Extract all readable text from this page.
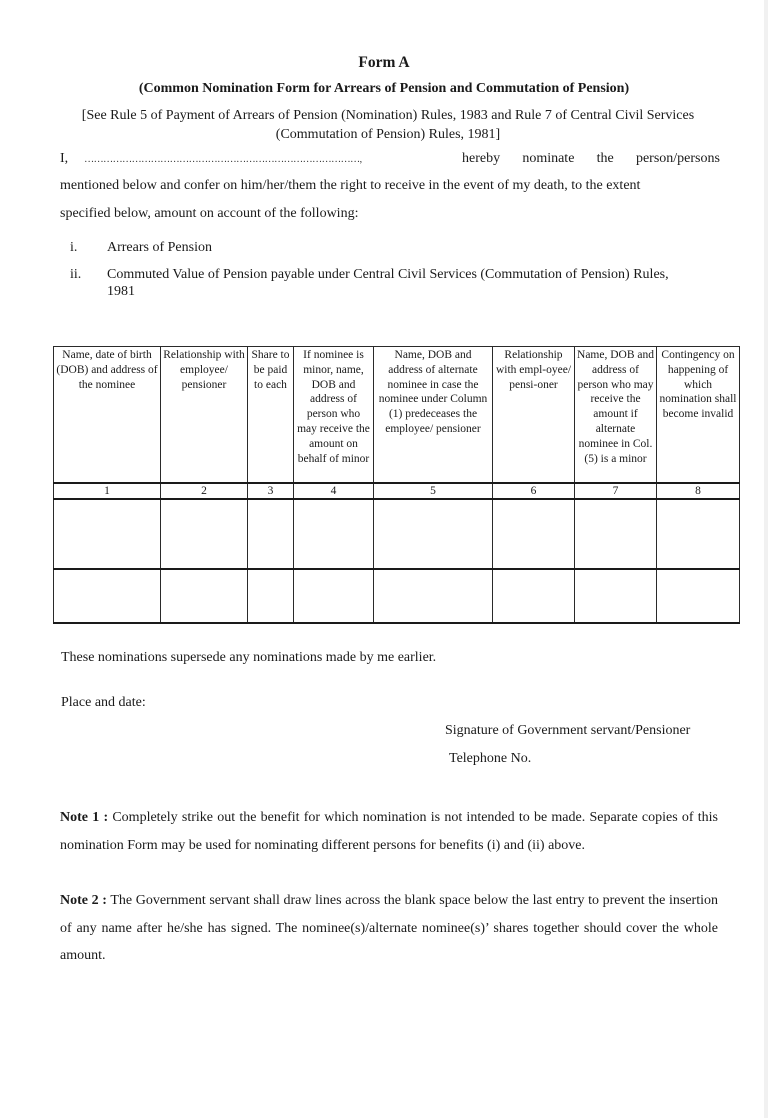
Form A
(Common Nomination Form for Arrears of Pension and Commutation of Pension)
[See Rule 5 of Payment of Arrears of Pension (Nomination) Rules, 1983 and Rule 7 of Central Civil Services (Commutation of Pension) Rules, 1981]
I, ……………………………………………………………………………,	hereby nominate the person/persons
mentioned below and confer on him/her/them the right to receive in the event of my death, to the extent
specified below, amount on account of the following:
i.	Arrears of Pension
ii.	Commuted Value of Pension payable under Central Civil Services (Commutation of Pension) Rules, 1981
Name, date of birth (DOB) and address of the nominee	Relationship with employee/ pensioner	Share to be paid to each	If nominee is minor, name, DOB and address of person who may receive the amount on behalf of minor	Name, DOB and address of alternate nominee in case the nominee under Column (1) predeceases the employee/ pensioner	Relationship with empl-oyee/ pensi-oner	Name, DOB and address of person who may receive the amount if alternate nominee in Col. (5) is a minor	Contingency on happening of which nomination shall become invalid
1	2	3	4	5	6	7	8

These nominations supersede any nominations made by me earlier.
Place and date:
Signature of Government servant/Pensioner
Telephone No.
Note 1 : Completely strike out the benefit for which nomination is not intended to be made. Separate copies of this nomination Form may be used for nominating different persons for benefits (i) and (ii) above.
Note 2 : The Government servant shall draw lines across the blank space below the last entry to prevent the insertion of any name after he/she has signed. The nominee(s)/alternate nominee(s)’ shares together should cover the whole amount.
